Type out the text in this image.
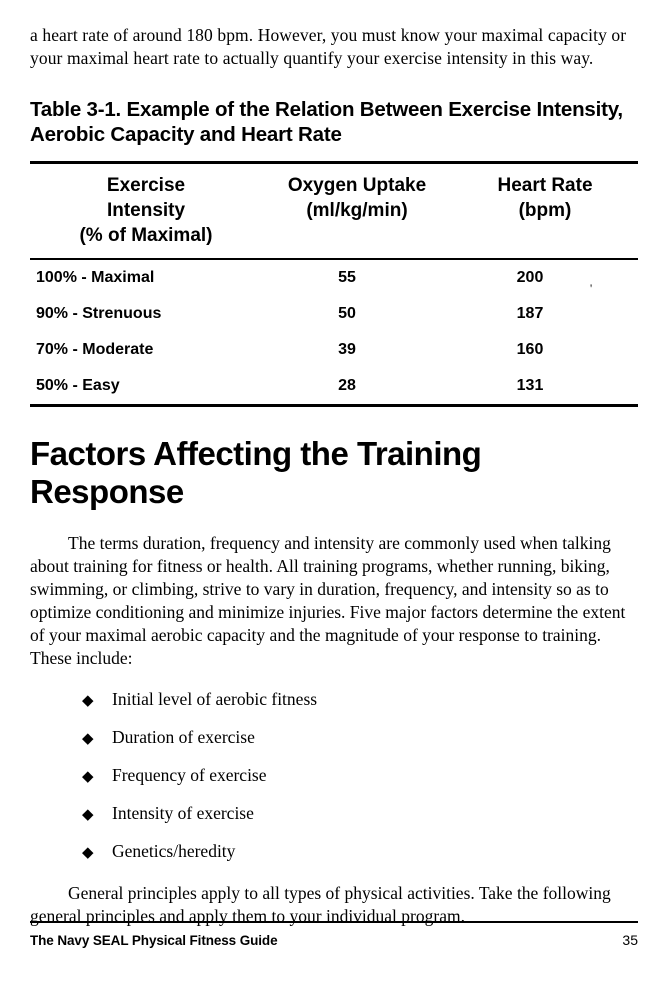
a heart rate of around 180 bpm. However, you must know your maximal capacity or your maximal heart rate to actually quantify your exercise intensity in this way.

Table 3-1. Example of the Relation Between Exercise Intensity, Aerobic Capacity and Heart Rate
Exercise
Intensity
(% of Maximal)

Oxygen Uptake
(ml/kg/min)

Heart Rate
(bpm)

100% - Maximal	55	200
90% - Strenuous	50	187
70% - Moderate	39	160
50% - Easy	28	131
Factors Affecting the Training Response

The terms duration, frequency and intensity are commonly used when talking about training for fitness or health. All training programs, whether running, biking, swimming, or climbing, strive to vary in duration, frequency, and intensity so as to optimize conditioning and minimize injuries. Five major factors determine the extent of your maximal aerobic capacity and the magnitude of your response to training. These include:

◆	Initial level of aerobic fitness
◆	Duration of exercise
◆	Frequency of exercise
◆	Intensity of exercise
◆	Genetics/heredity

General principles apply to all types of physical activities. Take the following general principles and apply them to your individual program.

'
The Navy SEAL Physical Fitness Guide	35
